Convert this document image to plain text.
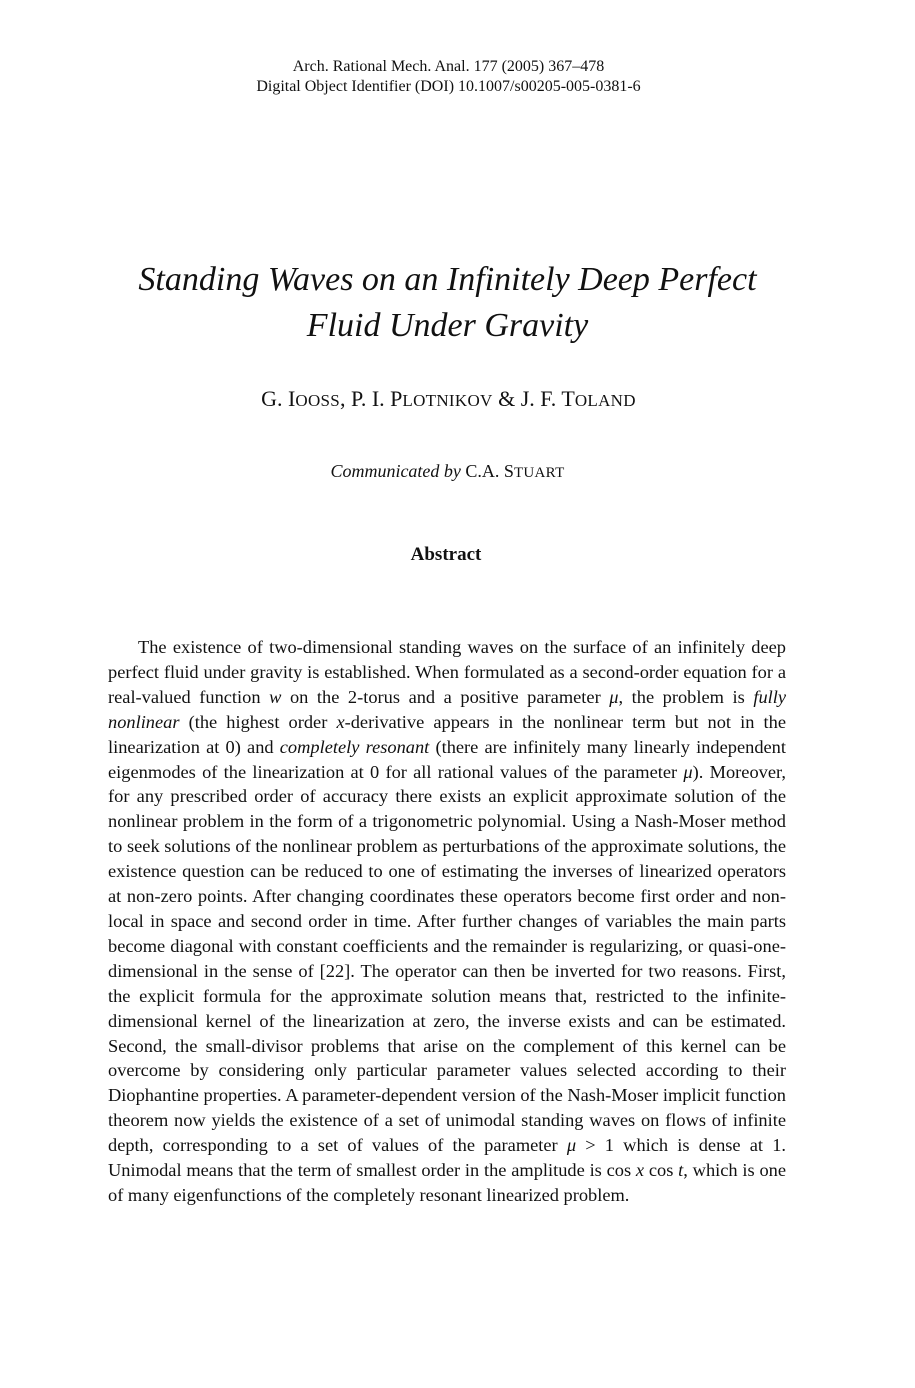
Arch. Rational Mech. Anal. 177 (2005) 367–478
Digital Object Identifier (DOI) 10.1007/s00205-005-0381-6
Standing Waves on an Infinitely Deep Perfect
Fluid Under Gravity
G. IOOSS, P. I. PLOTNIKOV & J. F. TOLAND
Communicated by C.A. STUART
Abstract

The existence of two-dimensional standing waves on the surface of an infinitely deep perfect fluid under gravity is established. When formulated as a second-order equation for a real-valued function w on the 2-torus and a positive parameter μ, the problem is fully nonlinear (the highest order x-derivative appears in the nonlinear term but not in the linearization at 0) and completely resonant (there are infinitely many linearly independent eigenmodes of the linearization at 0 for all rational values of the parameter μ). Moreover, for any prescribed order of accuracy there exists an explicit approximate solution of the nonlinear problem in the form of a trigonometric polynomial. Using a Nash-Moser method to seek solutions of the nonlinear problem as perturbations of the approximate solutions, the existence question can be reduced to one of estimating the inverses of linearized operators at non-zero points. After changing coordinates these operators become first order and non-local in space and second order in time. After further changes of variables the main parts become diagonal with constant coefficients and the remainder is regularizing, or quasi-one-dimensional in the sense of [22]. The operator can then be inverted for two reasons. First, the explicit formula for the approximate solution means that, restricted to the infinite-dimensional kernel of the linearization at zero, the inverse exists and can be estimated. Second, the small-divisor problems that arise on the complement of this kernel can be overcome by considering only particular parameter values selected according to their Diophantine properties. A parameter-dependent version of the Nash-Moser implicit function theorem now yields the existence of a set of unimodal standing waves on flows of infinite depth, corresponding to a set of values of the parameter μ > 1 which is dense at 1. Unimodal means that the term of smallest order in the amplitude is cos x cos t, which is one of many eigenfunctions of the completely resonant linearized problem.
